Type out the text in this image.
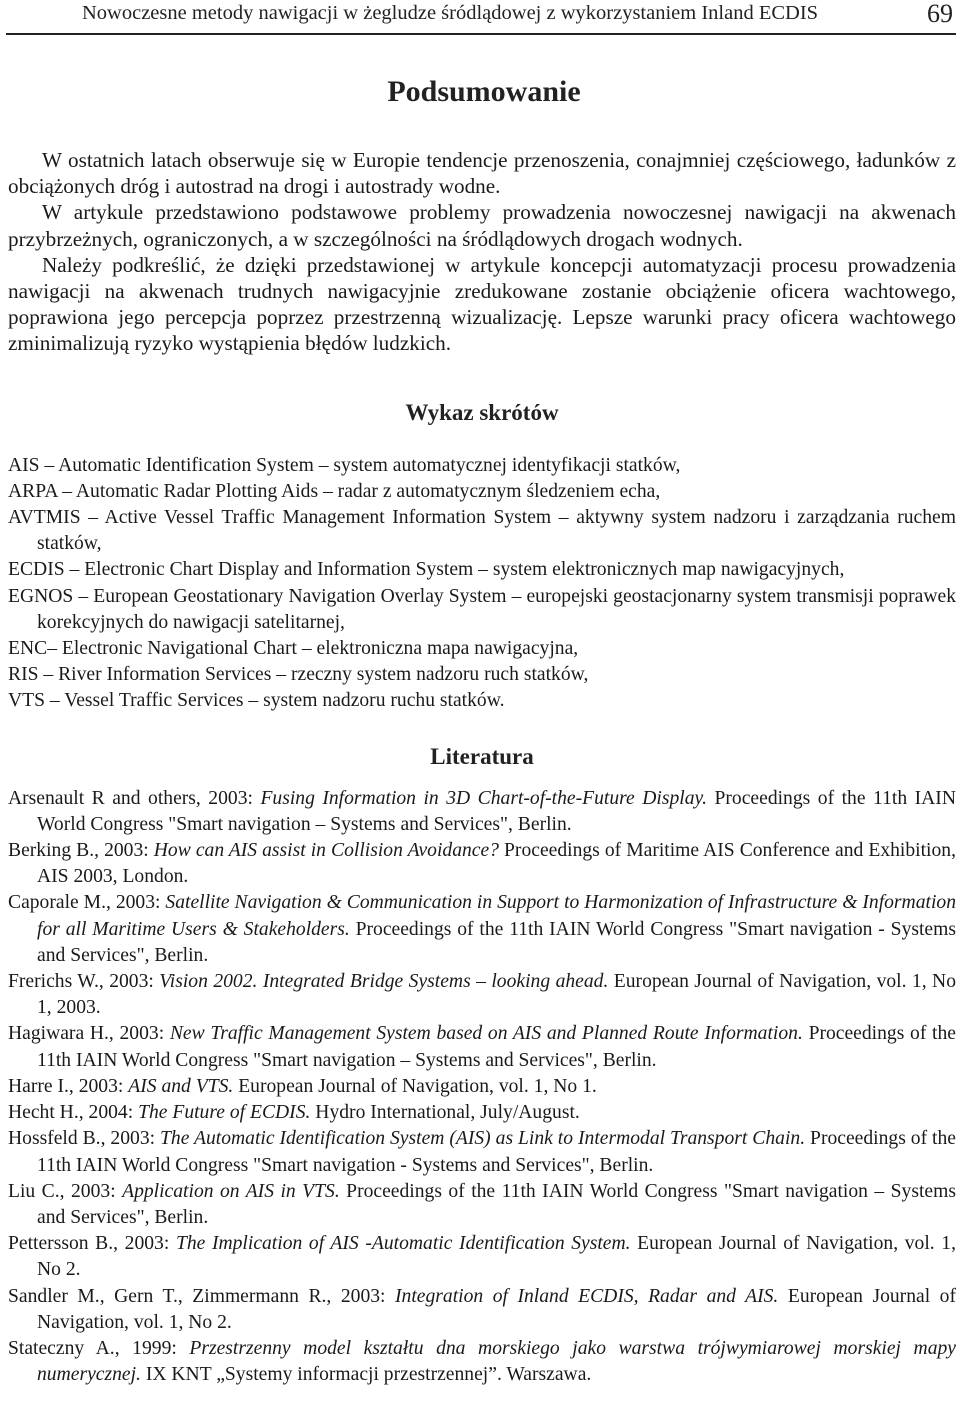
Nowoczesne metody nawigacji w żegludze śródlądowej z wykorzystaniem Inland ECDIS	69
Podsumowanie

W ostatnich latach obserwuje się w Europie tendencje przenoszenia, conajmniej częściowego, ładunków z obciążonych dróg i autostrad na drogi i autostrady wodne.

W artykule przedstawiono podstawowe problemy prowadzenia nowoczesnej nawigacji na akwenach przybrzeżnych, ograniczonych, a w szczególności na śródlądowych drogach wodnych.

Należy podkreślić, że dzięki przedstawionej w artykule koncepcji automatyzacji procesu prowadzenia nawigacji na akwenach trudnych nawigacyjnie zredukowane zostanie obciążenie oficera wachtowego, poprawiona jego percepcja poprzez przestrzenną wizualizację. Lepsze warunki pracy oficera wachtowego zminimalizują ryzyko wystąpienia błędów ludzkich.

Wykaz skrótów
AIS – Automatic Identification System – system automatycznej identyfikacji statków,
ARPA – Automatic Radar Plotting Aids – radar z automatycznym śledzeniem echa,
AVTMIS – Active Vessel Traffic Management Information System – aktywny system nadzoru i zarządzania ruchem statków,
ECDIS – Electronic Chart Display and Information System – system elektronicznych map nawigacyjnych,
EGNOS – European Geostationary Navigation Overlay System – europejski geostacjonarny system transmisji poprawek korekcyjnych do nawigacji satelitarnej,
ENC– Electronic Navigational Chart – elektroniczna mapa nawigacyjna,
RIS – River Information Services – rzeczny system nadzoru ruch statków,
VTS – Vessel Traffic Services – system nadzoru ruchu statków.
Literatura
Arsenault R and others, 2003: Fusing Information in 3D Chart-of-the-Future Display. Proceedings of the 11th IAIN World Congress "Smart navigation – Systems and Services", Berlin.
Berking B., 2003: How can AIS assist in Collision Avoidance? Proceedings of Maritime AIS Conference and Exhibition, AIS 2003, London.
Caporale M., 2003: Satellite Navigation & Communication in Support to Harmonization of Infrastructure & Information for all Maritime Users & Stakeholders. Proceedings of the 11th IAIN World Congress "Smart navigation - Systems and Services", Berlin.
Frerichs W., 2003: Vision 2002. Integrated Bridge Systems – looking ahead. European Journal of Navigation, vol. 1, No 1, 2003.
Hagiwara H., 2003: New Traffic Management System based on AIS and Planned Route Information. Proceedings of the 11th IAIN World Congress "Smart navigation – Systems and Services", Berlin.
Harre I., 2003: AIS and VTS. European Journal of Navigation, vol. 1, No 1.
Hecht H., 2004: The Future of ECDIS. Hydro International, July/August.
Hossfeld B., 2003: The Automatic Identification System (AIS) as Link to Intermodal Transport Chain. Proceedings of the 11th IAIN World Congress "Smart navigation - Systems and Services", Berlin.
Liu C., 2003: Application on AIS in VTS. Proceedings of the 11th IAIN World Congress "Smart navigation – Systems and Services", Berlin.
Pettersson B., 2003: The Implication of AIS -Automatic Identification System. European Journal of Navigation, vol. 1, No 2.
Sandler M., Gern T., Zimmermann R., 2003: Integration of Inland ECDIS, Radar and AIS. European Journal of Navigation, vol. 1, No 2.
Stateczny A., 1999: Przestrzenny model kształtu dna morskiego jako warstwa trójwymiarowej morskiej mapy numerycznej. IX KNT „Systemy informacji przestrzennej”. Warszawa.
